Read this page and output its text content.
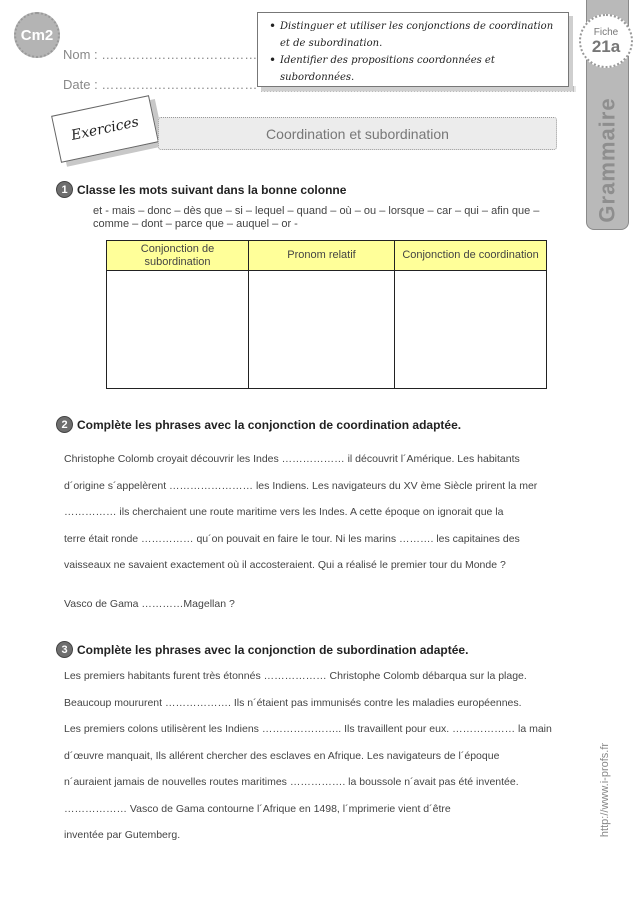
Cm2
Nom : ………………………………
Date : ………………………………
• Distinguer et utiliser les conjonctions de coordination et de subordination.
• Identifier des propositions coordonnées et subordonnées.
Grammaire
Fiche
21a
Exercices	Coordination et subordination
1 Classe les mots suivant dans la bonne colonne
et - mais – donc – dès que – si – lequel – quand – où – ou – lorsque – car – qui – afin que – comme – dont – parce que – auquel – or -
Conjonction de subordination	Pronom relatif	Conjonction de coordination

2 Complète les phrases avec la conjonction de coordination adaptée.

Christophe Colomb croyait découvrir les Indes ……………… il découvrit l´Amérique. Les habitants

d´origine s´appelèrent …………………… les Indiens. Les navigateurs du XV ème Siècle prirent la mer

…………… ils cherchaient une route maritime vers les Indes. A cette époque on ignorait que la

terre était ronde …………… qu´on pouvait en faire le tour. Ni les marins ………. les capitaines des

vaisseaux ne savaient exactement où il accosteraient. Qui a réalisé le premier tour du Monde ?

Vasco de Gama …………Magellan ?

3 Complète les phrases avec la conjonction de subordination adaptée.

Les premiers habitants furent très étonnés ……………… Christophe Colomb débarqua sur la plage.

Beaucoup moururent ………………. Ils n´étaient pas immunisés contre les maladies européennes.

Les premiers colons utilisèrent les Indiens ………………….. Ils travaillent pour eux. ……………… la main

d´œuvre manquait, Ils allérent chercher des esclaves en Afrique. Les navigateurs de l´époque

n´auraient jamais de nouvelles routes maritimes ……………. la boussole n´avait pas été inventée.

……………… Vasco de Gama contourne l´Afrique en 1498, l´mprimerie vient d´être

inventée par Gutemberg.	http://www.i-profs.fr
